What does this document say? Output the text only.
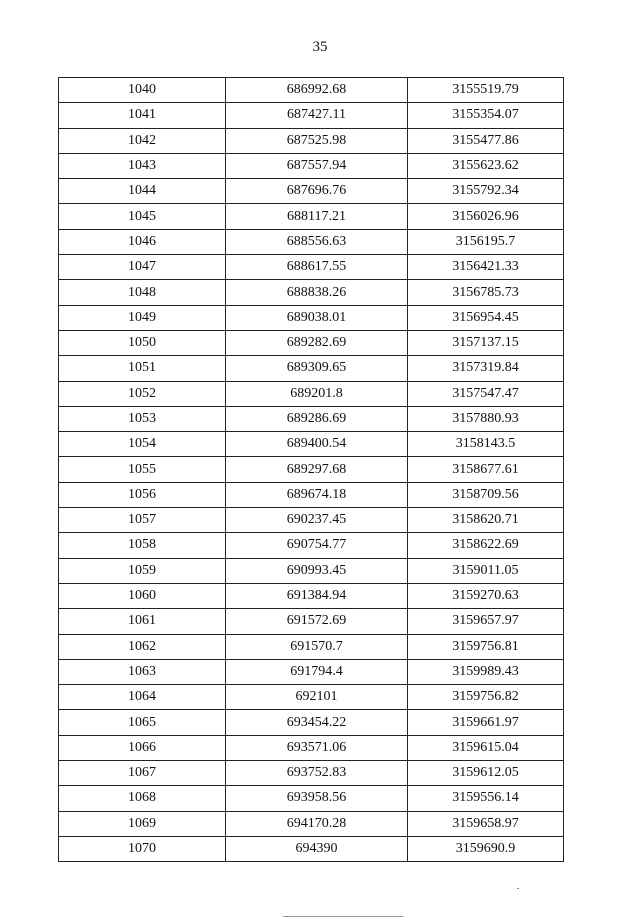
35
1040	686992.68	3155519.79
1041	687427.11	3155354.07
1042	687525.98	3155477.86
1043	687557.94	3155623.62
1044	687696.76	3155792.34
1045	688117.21	3156026.96
1046	688556.63	3156195.7
1047	688617.55	3156421.33
1048	688838.26	3156785.73
1049	689038.01	3156954.45
1050	689282.69	3157137.15
1051	689309.65	3157319.84
1052	689201.8	3157547.47
1053	689286.69	3157880.93
1054	689400.54	3158143.5
1055	689297.68	3158677.61
1056	689674.18	3158709.56
1057	690237.45	3158620.71
1058	690754.77	3158622.69
1059	690993.45	3159011.05
1060	691384.94	3159270.63
1061	691572.69	3159657.97
1062	691570.7	3159756.81
1063	691794.4	3159989.43
1064	692101	3159756.82
1065	693454.22	3159661.97
1066	693571.06	3159615.04
1067	693752.83	3159612.05
1068	693958.56	3159556.14
1069	694170.28	3159658.97
1070	694390	3159690.9
